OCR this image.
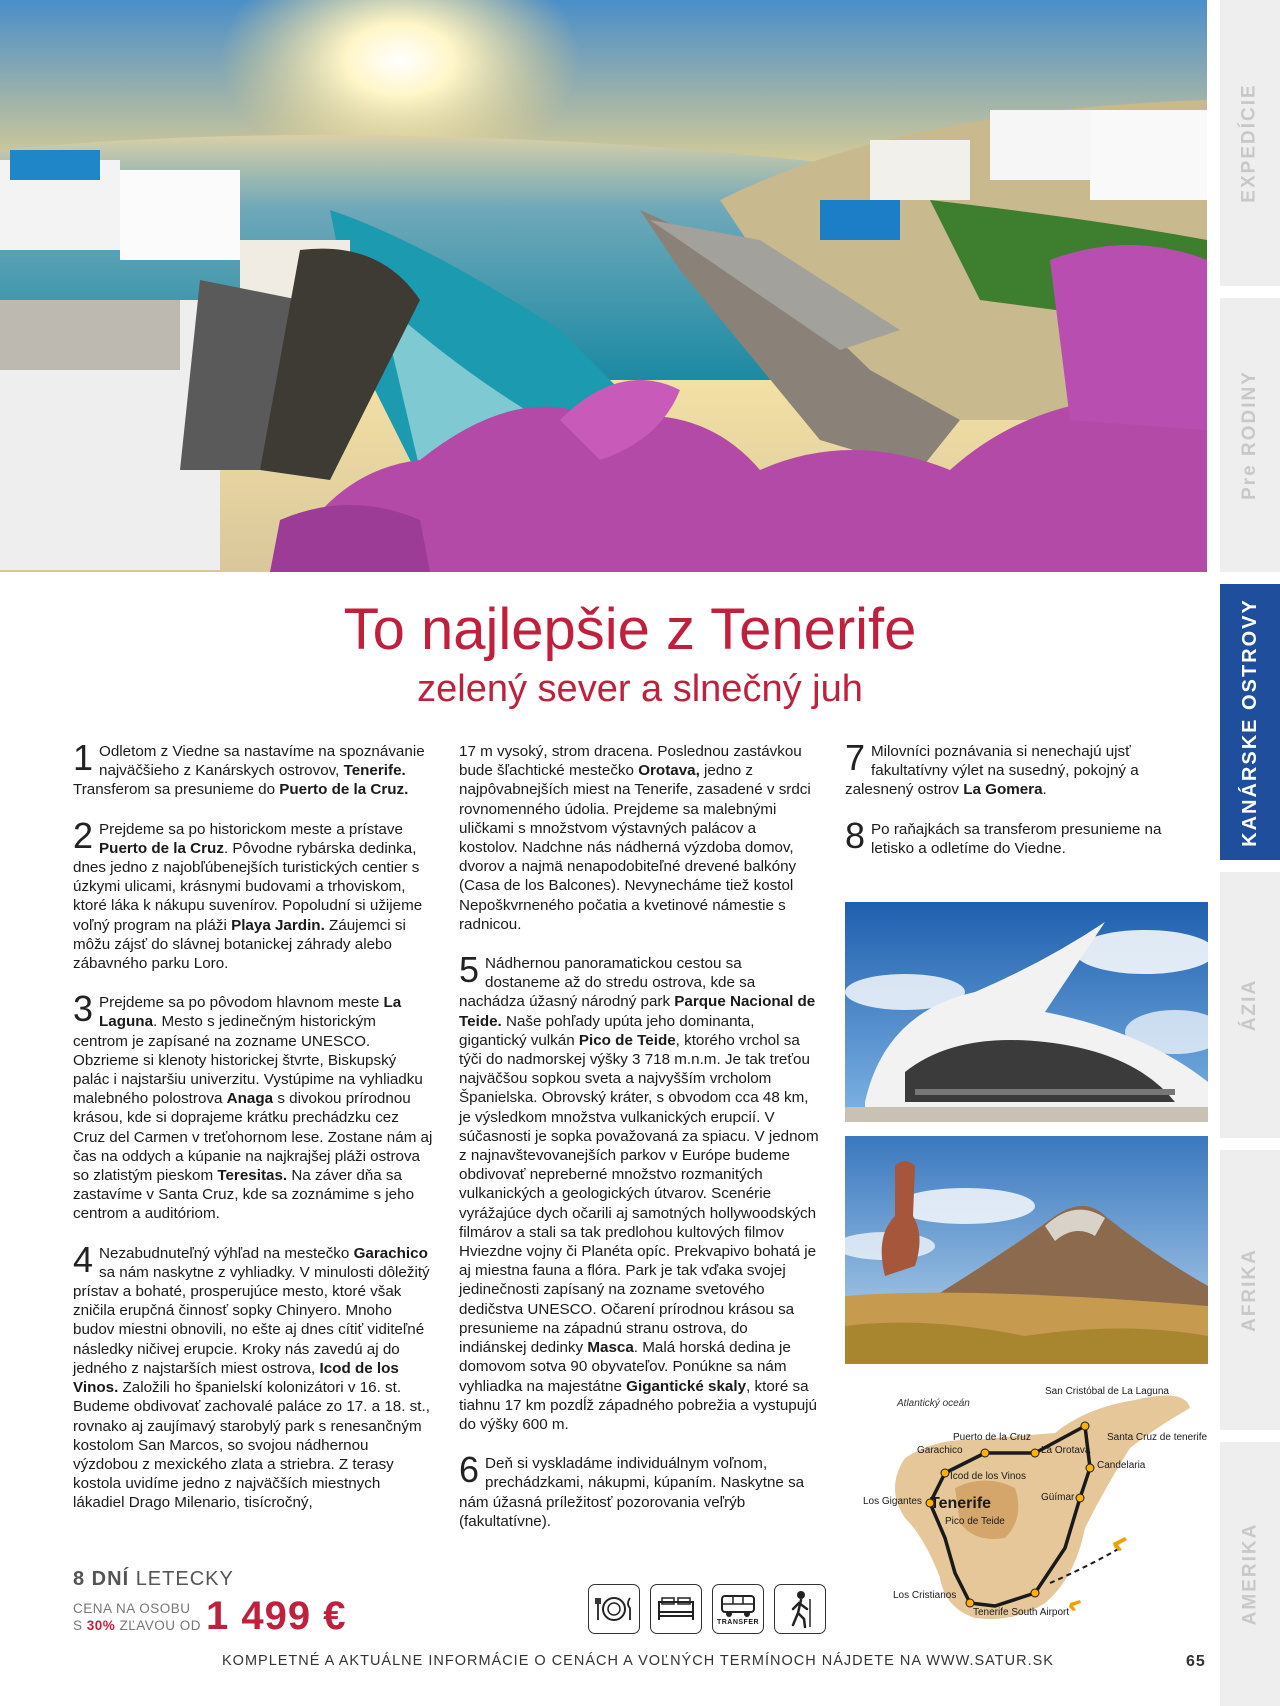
EXPEDÍCIE
Pre RODINY
KANÁRSKE OSTROVY
ÁZIA
AFRIKA
AMERIKA
To najlepšie z Tenerife
zelený sever a slnečný juh

1 Odletom z Viedne sa nastavíme na spoznávanie najväčšieho z Kanárskych ostrovov, Tenerife. Transferom sa presunieme do Puerto de la Cruz.

2 Prejdeme sa po historickom meste a prístave Puerto de la Cruz. Pôvodne rybárska dedinka, dnes jedno z najobľúbenejších turistických centier s úzkymi ulicami, krásnymi budovami a trhoviskom, ktoré láka k nákupu suvenírov. Popoludní si užijeme voľný program na pláži Playa Jardin. Záujemci si môžu zájsť do slávnej botanickej záhrady alebo zábavného parku Loro.

3 Prejdeme sa po pôvodom hlavnom meste La Laguna. Mesto s jedinečným historickým centrom je zapísané na zozname UNESCO. Obzrieme si klenoty historickej štvrte, Biskupský palác i najstaršiu univerzitu. Vystúpime na vyhliadku malebného polostrova Anaga s divokou prírodnou krásou, kde si doprajeme krátku prechádzku cez Cruz del Carmen v treťohornom lese. Zostane nám aj čas na oddych a kúpanie na najkrajšej pláži ostrova so zlatistým pieskom Teresitas. Na záver dňa sa zastavíme v Santa Cruz, kde sa zoznámime s jeho centrom a auditóriom.

4 Nezabudnuteľný výhľad na mestečko Garachico sa nám naskytne z vyhliadky. V minulosti dôležitý prístav a bohaté, prosperujúce mesto, ktoré však zničila erupčná činnosť sopky Chinyero. Mnoho budov miestni obnovili, no ešte aj dnes cítiť viditeľné následky ničivej erupcie. Kroky nás zavedú aj do jedného z najstarších miest ostrova, Icod de los Vinos. Založili ho španielskí kolonizátori v 16. st. Budeme obdivovať zachovalé paláce zo 17. a 18. st., rovnako aj zaujímavý starobylý park s renesančným kostolom San Marcos, so svojou nádhernou výzdobou z mexického zlata a striebra. Z terasy kostola uvidíme jedno z najväčších miestnych lákadiel Drago Milenario, tisícročný,

17 m vysoký, strom dracena. Poslednou zastávkou bude šľachtické mestečko Orotava, jedno z najpôvabnejších miest na Tenerife, zasadené v srdci rovnomenného údolia. Prejdeme sa malebnými uličkami s množstvom výstavných palácov a kostolov. Nadchne nás nádherná výzdoba domov, dvorov a najmä nenapodobiteľné drevené balkóny (Casa de los Balcones). Nevynecháme tiež kostol Nepoškvrneného počatia a kvetinové námestie s radnicou.

5 Nádhernou panoramatickou cestou sa dostaneme až do stredu ostrova, kde sa nachádza úžasný národný park Parque Nacional de Teide. Naše pohľady upúta jeho dominanta, gigantický vulkán Pico de Teide, ktorého vrchol sa týči do nadmorskej výšky 3 718 m.n.m. Je tak treťou najväčšou sopkou sveta a najvyšším vrcholom Španielska. Obrovský kráter, s obvodom cca 48 km, je výsledkom množstva vulkanických erupcií. V súčasnosti je sopka považovaná za spiacu. V jednom z najnavštevovanejších parkov v Európe budeme obdivovať nepreberné množstvo rozmanitých vulkanických a geologických útvarov. Scenérie vyrážajúce dych očarili aj samotných hollywoodských filmárov a stali sa tak predlohou kultových filmov Hviezdne vojny či Planéta opíc. Prekvapivo bohatá je aj miestna fauna a flóra. Park je tak vďaka svojej jedinečnosti zapísaný na zozname svetového dedičstva UNESCO. Očarení prírodnou krásou sa presunieme na západnú stranu ostrova, do indiánskej dedinky Masca. Malá horská dedina je domovom sotva 90 obyvateľov. Ponúkne sa nám vyhliadka na majestátne Gigantické skaly, ktoré sa tiahnu 17 km pozdĺž západného pobrežia a vystupujú do výšky 600 m.

6 Deň si vyskladáme individuálnym voľnom, prechádzkami, nákupmi, kúpaním. Naskytne sa nám úžasná príležitosť pozorovania veľrýb (fakultatívne).

7 Milovníci poznávania si nenechajú ujsť fakultatívny výlet na susedný, pokojný a zalesnený ostrov La Gomera.

8 Po raňajkách sa transferom presunieme na letisko a odletíme do Viedne.

Atlantický oceán
Tenerife
San Cristóbal de La Laguna
Puerto de la Cruz
Garachico	La Orotava
Santa Cruz de tenerife
Icod de los Vinos
Candelaria
Los Gigantes	Güímar
Pico de Teide
Los Cristianos
Tenerife South Airport
8 DNÍ LETECKY
CENA NA OSOBU
S 30% ZĽAVOU OD 1 499 €	TRANSFER
KOMPLETNÉ A AKTUÁLNE INFORMÁCIE O CENÁCH A VOĽNÝCH TERMÍNOCH NÁJDETE NA WWW.SATUR.SK	65
